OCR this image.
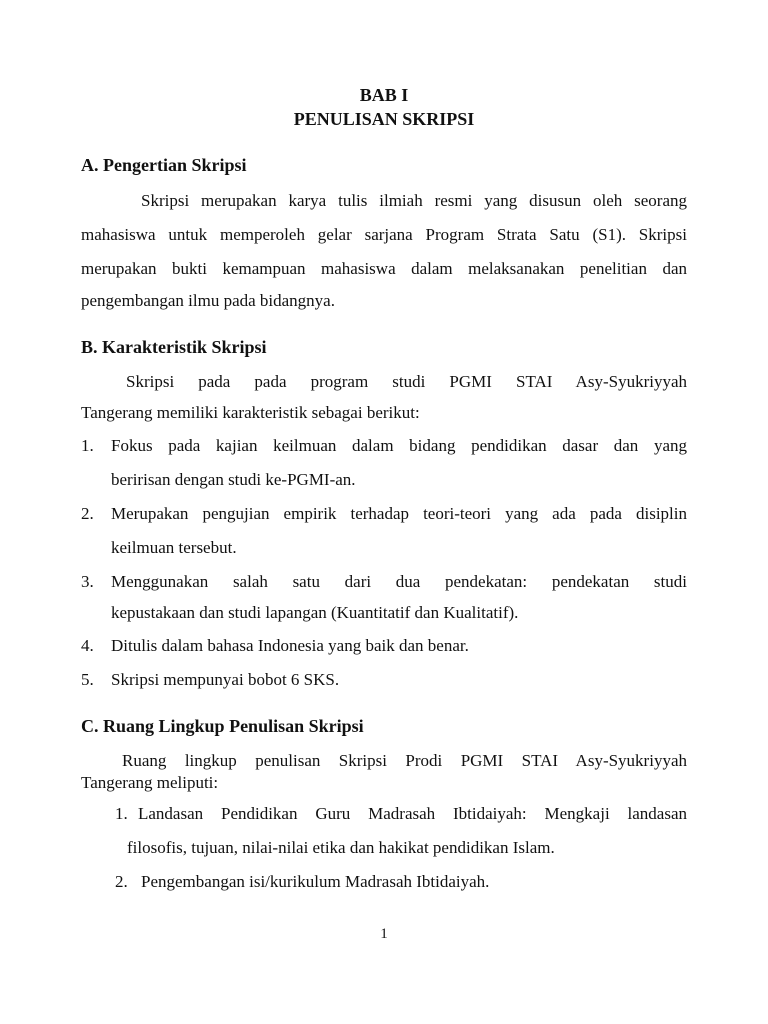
BAB I
PENULISAN SKRIPSI
A. Pengertian Skripsi
Skripsi merupakan karya tulis ilmiah resmi yang disusun oleh seorang
mahasiswa untuk memperoleh gelar sarjana Program Strata Satu (S1). Skripsi
merupakan bukti kemampuan mahasiswa dalam melaksanakan penelitian dan
pengembangan ilmu pada bidangnya.
B. Karakteristik Skripsi
Skripsi pada pada program studi PGMI STAI Asy-Syukriyyah
Tangerang memiliki karakteristik sebagai berikut:
1. Fokus pada kajian keilmuan dalam bidang pendidikan dasar dan yang
beririsan dengan studi ke-PGMI-an.
2. Merupakan pengujian empirik terhadap teori-teori yang ada pada disiplin
keilmuan tersebut.
3. Menggunakan salah satu dari dua pendekatan: pendekatan studi
kepustakaan dan studi lapangan (Kuantitatif dan Kualitatif).
4. Ditulis dalam bahasa Indonesia yang baik dan benar.
5. Skripsi mempunyai bobot 6 SKS.
C. Ruang Lingkup Penulisan Skripsi
Ruang lingkup penulisan Skripsi Prodi PGMI STAI Asy-Syukriyyah
Tangerang meliputi:
1. Landasan Pendidikan Guru Madrasah Ibtidaiyah: Mengkaji landasan
filosofis, tujuan, nilai-nilai etika dan hakikat pendidikan Islam.
2. Pengembangan isi/kurikulum Madrasah Ibtidaiyah.
1
